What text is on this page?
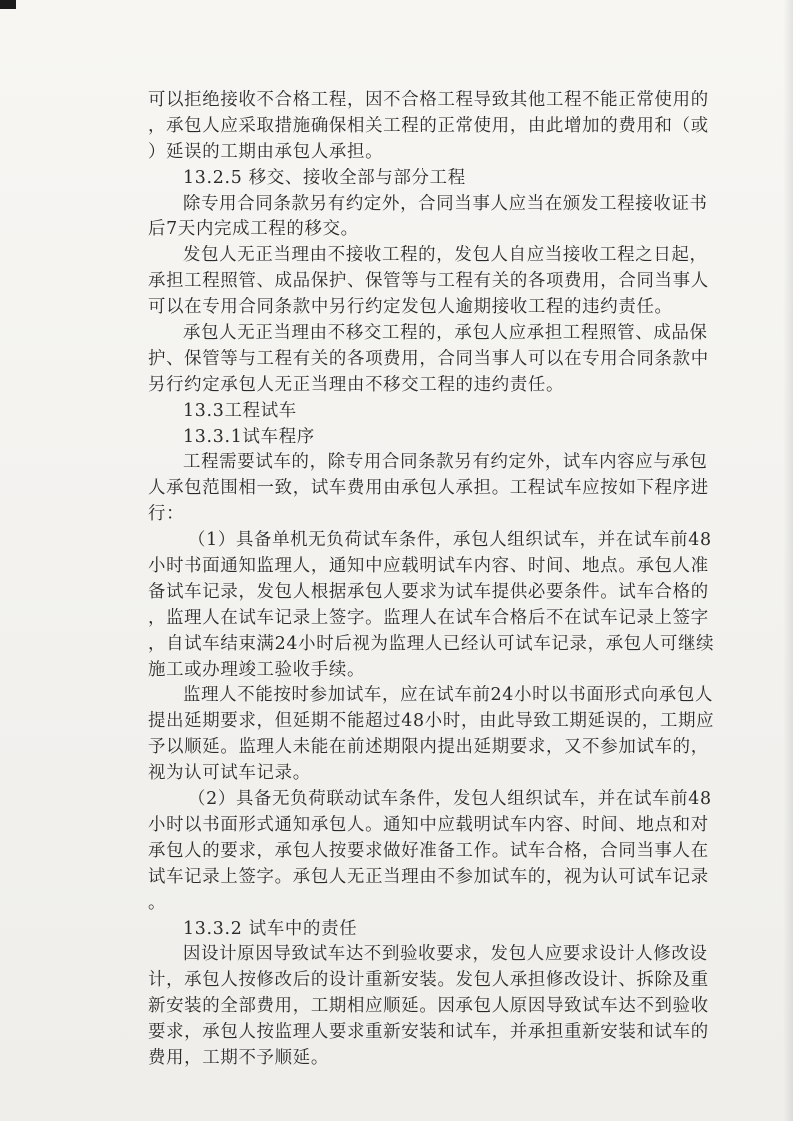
可以拒绝接收不合格工程，因不合格工程导致其他工程不能正常使用的
，承包人应采取措施确保相关工程的正常使用，由此增加的费用和（或
）延误的工期由承包人承担。
13.2.5 移交、接收全部与部分工程
除专用合同条款另有约定外，合同当事人应当在颁发工程接收证书
后7天内完成工程的移交。
发包人无正当理由不接收工程的，发包人自应当接收工程之日起，
承担工程照管、成品保护、保管等与工程有关的各项费用，合同当事人
可以在专用合同条款中另行约定发包人逾期接收工程的违约责任。
承包人无正当理由不移交工程的，承包人应承担工程照管、成品保
护、保管等与工程有关的各项费用，合同当事人可以在专用合同条款中
另行约定承包人无正当理由不移交工程的违约责任。
13.3工程试车
13.3.1试车程序
工程需要试车的，除专用合同条款另有约定外，试车内容应与承包
人承包范围相一致，试车费用由承包人承担。工程试车应按如下程序进
行：
（1）具备单机无负荷试车条件，承包人组织试车，并在试车前48
小时书面通知监理人，通知中应载明试车内容、时间、地点。承包人准
备试车记录，发包人根据承包人要求为试车提供必要条件。试车合格的
，监理人在试车记录上签字。监理人在试车合格后不在试车记录上签字
，自试车结束满24小时后视为监理人已经认可试车记录，承包人可继续
施工或办理竣工验收手续。
监理人不能按时参加试车，应在试车前24小时以书面形式向承包人
提出延期要求，但延期不能超过48小时，由此导致工期延误的，工期应
予以顺延。监理人未能在前述期限内提出延期要求，又不参加试车的，
视为认可试车记录。
（2）具备无负荷联动试车条件，发包人组织试车，并在试车前48
小时以书面形式通知承包人。通知中应载明试车内容、时间、地点和对
承包人的要求，承包人按要求做好准备工作。试车合格，合同当事人在
试车记录上签字。承包人无正当理由不参加试车的，视为认可试车记录
。
13.3.2 试车中的责任
因设计原因导致试车达不到验收要求，发包人应要求设计人修改设
计，承包人按修改后的设计重新安装。发包人承担修改设计、拆除及重
新安装的全部费用，工期相应顺延。因承包人原因导致试车达不到验收
要求，承包人按监理人要求重新安装和试车，并承担重新安装和试车的
费用，工期不予顺延。
